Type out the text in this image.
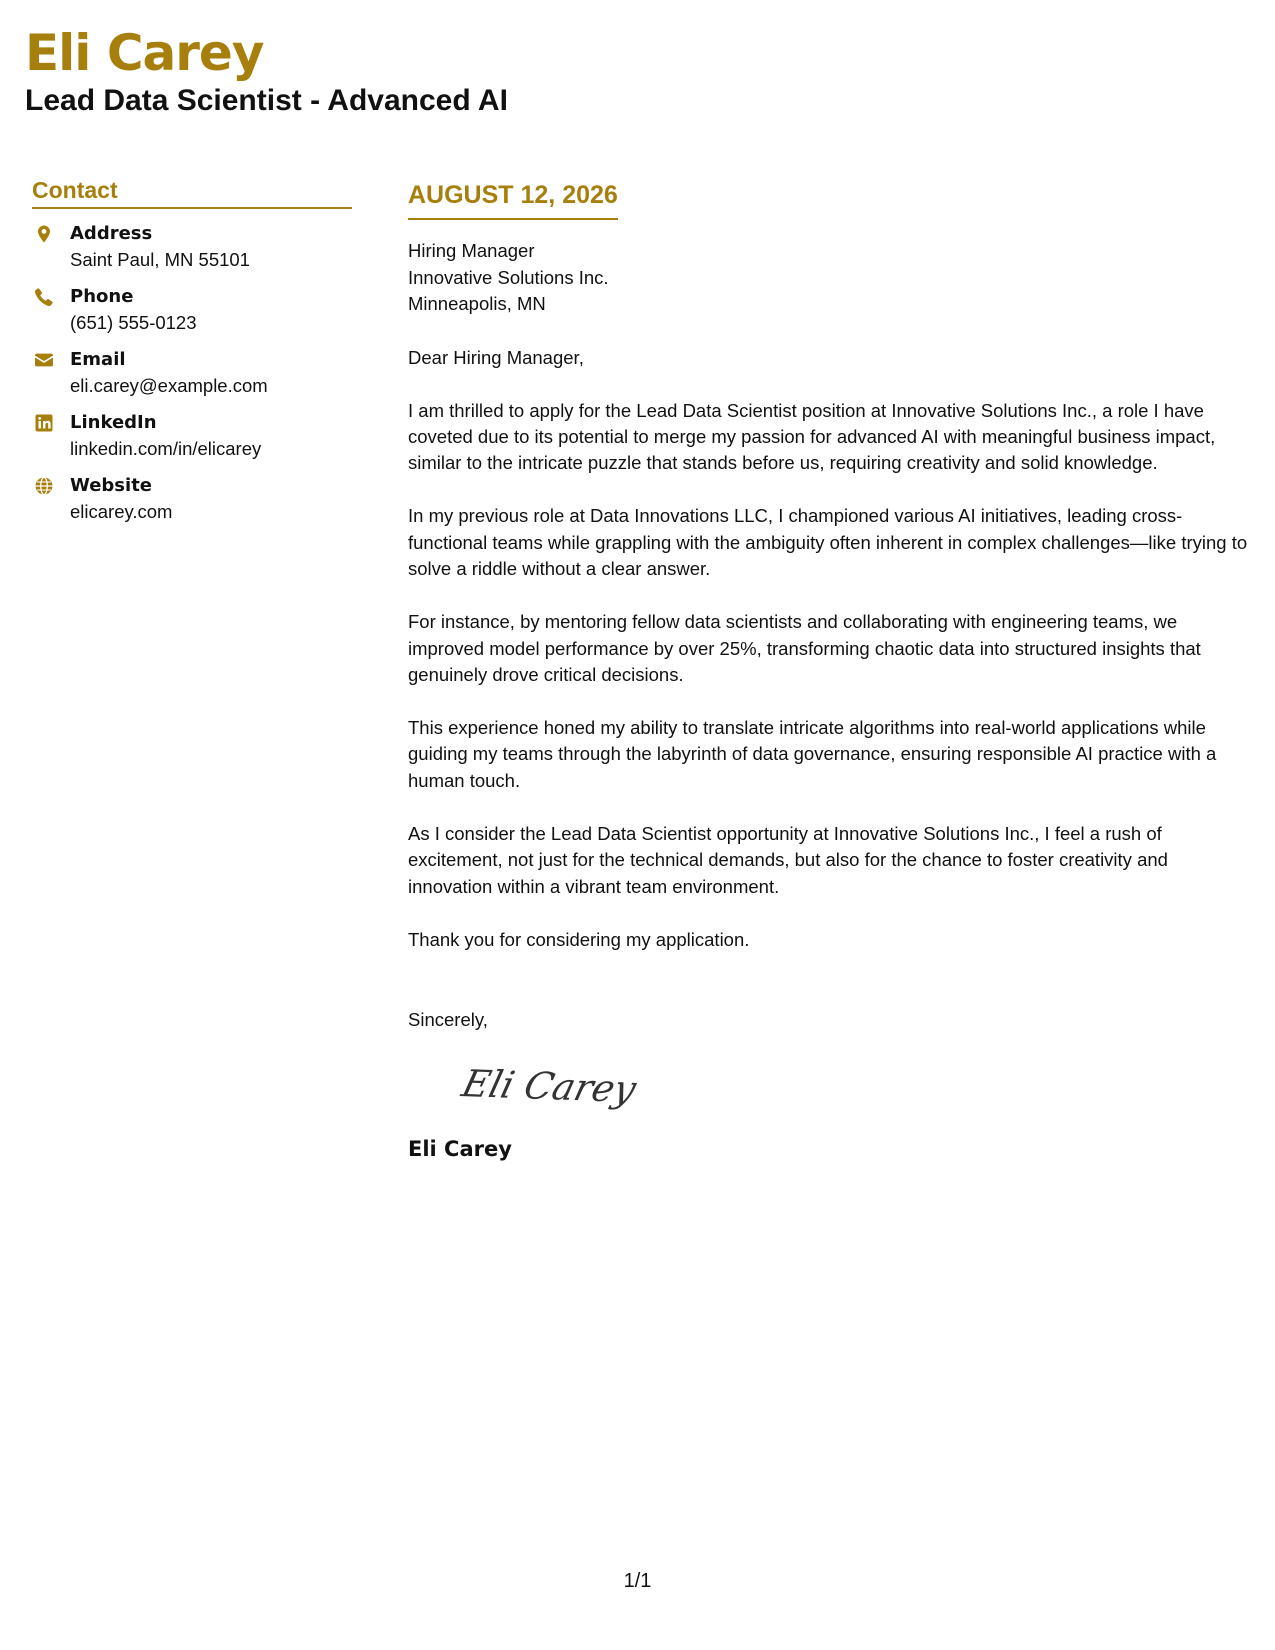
Eli Carey
Lead Data Scientist - Advanced AI
Contact
Address
Saint Paul, MN 55101
Phone
(651) 555-0123
Email
eli.carey@example.com
LinkedIn
linkedin.com/in/elicarey
Website
elicarey.com
AUGUST 12, 2026
Hiring Manager
Innovative Solutions Inc.
Minneapolis, MN
Dear Hiring Manager,

I am thrilled to apply for the Lead Data Scientist position at Innovative Solutions Inc., a role I have coveted due to its potential to merge my passion for advanced AI with meaningful business impact, similar to the intricate puzzle that stands before us, requiring creativity and solid knowledge.

In my previous role at Data Innovations LLC, I championed various AI initiatives, leading cross-functional teams while grappling with the ambiguity often inherent in complex challenges—like trying to solve a riddle without a clear answer.

For instance, by mentoring fellow data scientists and collaborating with engineering teams, we improved model performance by over 25%, transforming chaotic data into structured insights that genuinely drove critical decisions.

This experience honed my ability to translate intricate algorithms into real-world applications while guiding my teams through the labyrinth of data governance, ensuring responsible AI practice with a human touch.

As I consider the Lead Data Scientist opportunity at Innovative Solutions Inc., I feel a rush of excitement, not just for the technical demands, but also for the chance to foster creativity and innovation within a vibrant team environment.

Thank you for considering my application.

Sincerely,
Eli Carey
Eli Carey
1/1
